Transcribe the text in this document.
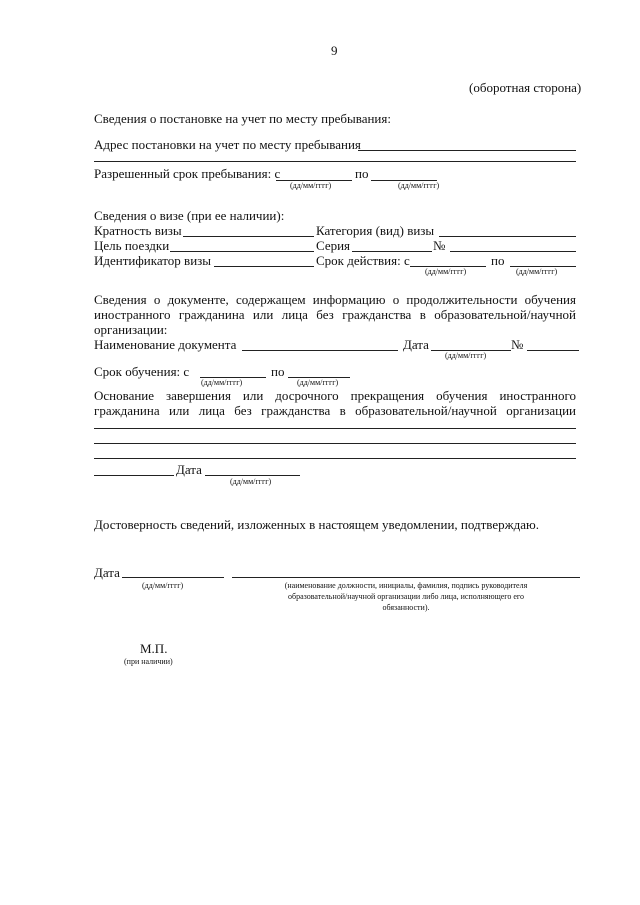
9
(оборотная сторона)
Сведения о постановке на учет по месту пребывания:
Адрес постановки на учет по месту пребывания
Разрешенный срок пребывания: с	по
(дд/мм/гггг)	(дд/мм/гггг)
Сведения о визе (при ее наличии):
Кратность визы	Категория (вид) визы
Цель поездки	Серия	№
Идентификатор визы	Срок действия: с	по
(дд/мм/гггг)	(дд/мм/гггг)
Сведения о документе, содержащем информацию о продолжительности обучения
иностранного гражданина или лица без гражданства в образовательной/научной
организации:
Наименование документа	Дата	№
(дд/мм/гггг)
Срок обучения: с	по
(дд/мм/гггг)	(дд/мм/гггг)
Основание завершения или досрочного прекращения обучения иностранного
гражданина или лица без гражданства в образовательной/научной организации
Дата
(дд/мм/гггг)
Достоверность сведений, изложенных в настоящем уведомлении, подтверждаю.
Дата
(дд/мм/гггг)	(наименование должности, инициалы, фамилия, подпись руководителя
образовательной/научной организации либо лица, исполняющего его
обязанности).
М.П.
(при наличии)
